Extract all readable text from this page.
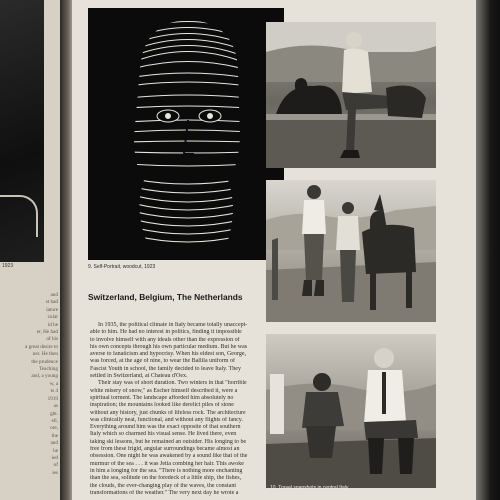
1923
and
st had
lature
cular
id he
er, He had
of his
a great desire to
ner. He then
the prudence
Teaching
and, a young
w, a
ts 4
1919
as
ght.
ell,
ore,
the
and
he
ied
of
ies
9. Self-Portrait, woodcut, 1923
Switzerland, Belgium, The Netherlands
In 1935, the political climate in Italy became totally unaccept-
able to him. He had no interest in politics, finding it impossible
to involve himself with any ideals other than the expression of
his own concepts through his own particular medium. But he was
averse to fanaticism and hypocrisy. When his eldest son, George,
was forced, at the age of nine, to wear the Ballila uniform of
Fascist Youth in school, the family decided to leave Italy. They
settled in Switzerland, at Chateau d'Oex.
Their stay was of short duration. Two winters in that "horrible
white misery of snow," as Escher himself described it, were a
spiritual torment. The landscape afforded him absolutely no
inspiration; the mountains looked like derelict piles of stone
without any history, just chunks of lifeless rock. The architecture
was clinically neat, functional, and without any flights of fancy.
Everything around him was the exact opposite of that southern
Italy which so charmed his visual sense. He lived there, even
taking ski lessons, but he remained an outsider. His longing to be
free from these frigid, angular surroundings became almost an
obsession. One night he was awakened by a sound like that of the
murmur of the sea . . . it was Jetta combing her hair. This awoke
in him a longing for the sea. "There is nothing more enchanting
than the sea, solitude on the foredeck of a little ship, the fishes,
the clouds, the ever-changing play of the waves, the constant
transformations of the weather." The very next day he wrote a
10. Travel snapshots in central Italy
